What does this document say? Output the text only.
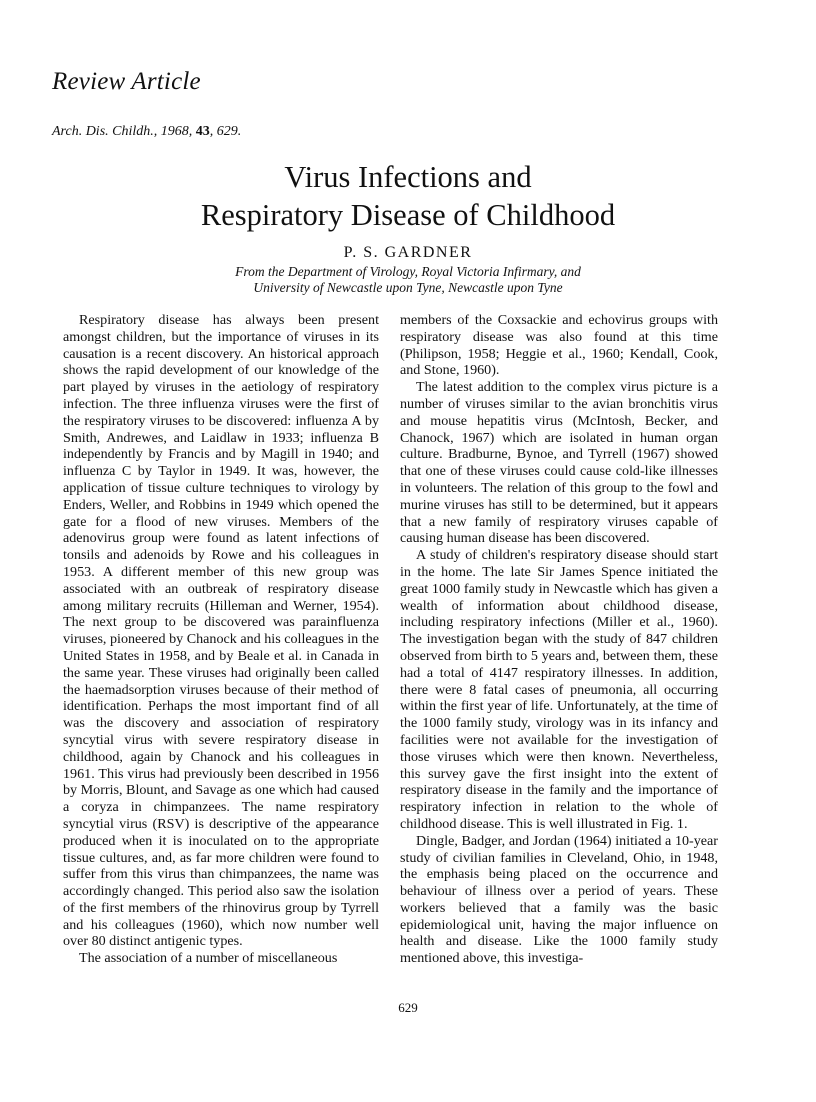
Review Article
Arch. Dis. Childh., 1968, 43, 629.
Virus Infections and
Respiratory Disease of Childhood
P. S. GARDNER
From the Department of Virology, Royal Victoria Infirmary, and
University of Newcastle upon Tyne, Newcastle upon Tyne

Respiratory disease has always been present amongst children, but the importance of viruses in its causation is a recent discovery. An historical approach shows the rapid development of our knowledge of the part played by viruses in the aetiology of respiratory infection. The three influenza viruses were the first of the respiratory viruses to be discovered: influenza A by Smith, Andrewes, and Laidlaw in 1933; influenza B independently by Francis and by Magill in 1940; and influenza C by Taylor in 1949. It was, however, the application of tissue culture techniques to virology by Enders, Weller, and Robbins in 1949 which opened the gate for a flood of new viruses. Members of the adenovirus group were found as latent infections of tonsils and adenoids by Rowe and his colleagues in 1953. A different member of this new group was associated with an outbreak of respiratory disease among military recruits (Hilleman and Werner, 1954). The next group to be discovered was parainfluenza viruses, pioneered by Chanock and his colleagues in the United States in 1958, and by Beale et al. in Canada in the same year. These viruses had originally been called the haemadsorption viruses because of their method of identification. Perhaps the most important find of all was the discovery and association of respiratory syncytial virus with severe respiratory disease in childhood, again by Chanock and his colleagues in 1961. This virus had previously been described in 1956 by Morris, Blount, and Savage as one which had caused a coryza in chimpanzees. The name respiratory syncytial virus (RSV) is descriptive of the appearance produced when it is inoculated on to the appropriate tissue cultures, and, as far more children were found to suffer from this virus than chimpanzees, the name was accordingly changed. This period also saw the isolation of the first members of the rhinovirus group by Tyrrell and his colleagues (1960), which now number well over 80 distinct antigenic types.

The association of a number of miscellaneous

members of the Coxsackie and echovirus groups with respiratory disease was also found at this time (Philipson, 1958; Heggie et al., 1960; Kendall, Cook, and Stone, 1960).

The latest addition to the complex virus picture is a number of viruses similar to the avian bronchitis virus and mouse hepatitis virus (McIntosh, Becker, and Chanock, 1967) which are isolated in human organ culture. Bradburne, Bynoe, and Tyrrell (1967) showed that one of these viruses could cause cold-like illnesses in volunteers. The relation of this group to the fowl and murine viruses has still to be determined, but it appears that a new family of respiratory viruses capable of causing human disease has been discovered.

A study of children's respiratory disease should start in the home. The late Sir James Spence initiated the great 1000 family study in Newcastle which has given a wealth of information about childhood disease, including respiratory infections (Miller et al., 1960). The investigation began with the study of 847 children observed from birth to 5 years and, between them, these had a total of 4147 respiratory illnesses. In addition, there were 8 fatal cases of pneumonia, all occurring within the first year of life. Unfortunately, at the time of the 1000 family study, virology was in its infancy and facilities were not available for the investigation of those viruses which were then known. Nevertheless, this survey gave the first insight into the extent of respiratory disease in the family and the importance of respiratory infection in relation to the whole of childhood disease. This is well illustrated in Fig. 1.

Dingle, Badger, and Jordan (1964) initiated a 10-year study of civilian families in Cleveland, Ohio, in 1948, the emphasis being placed on the occurrence and behaviour of illness over a period of years. These workers believed that a family was the basic epidemiological unit, having the major influence on health and disease. Like the 1000 family study mentioned above, this investiga-

629
